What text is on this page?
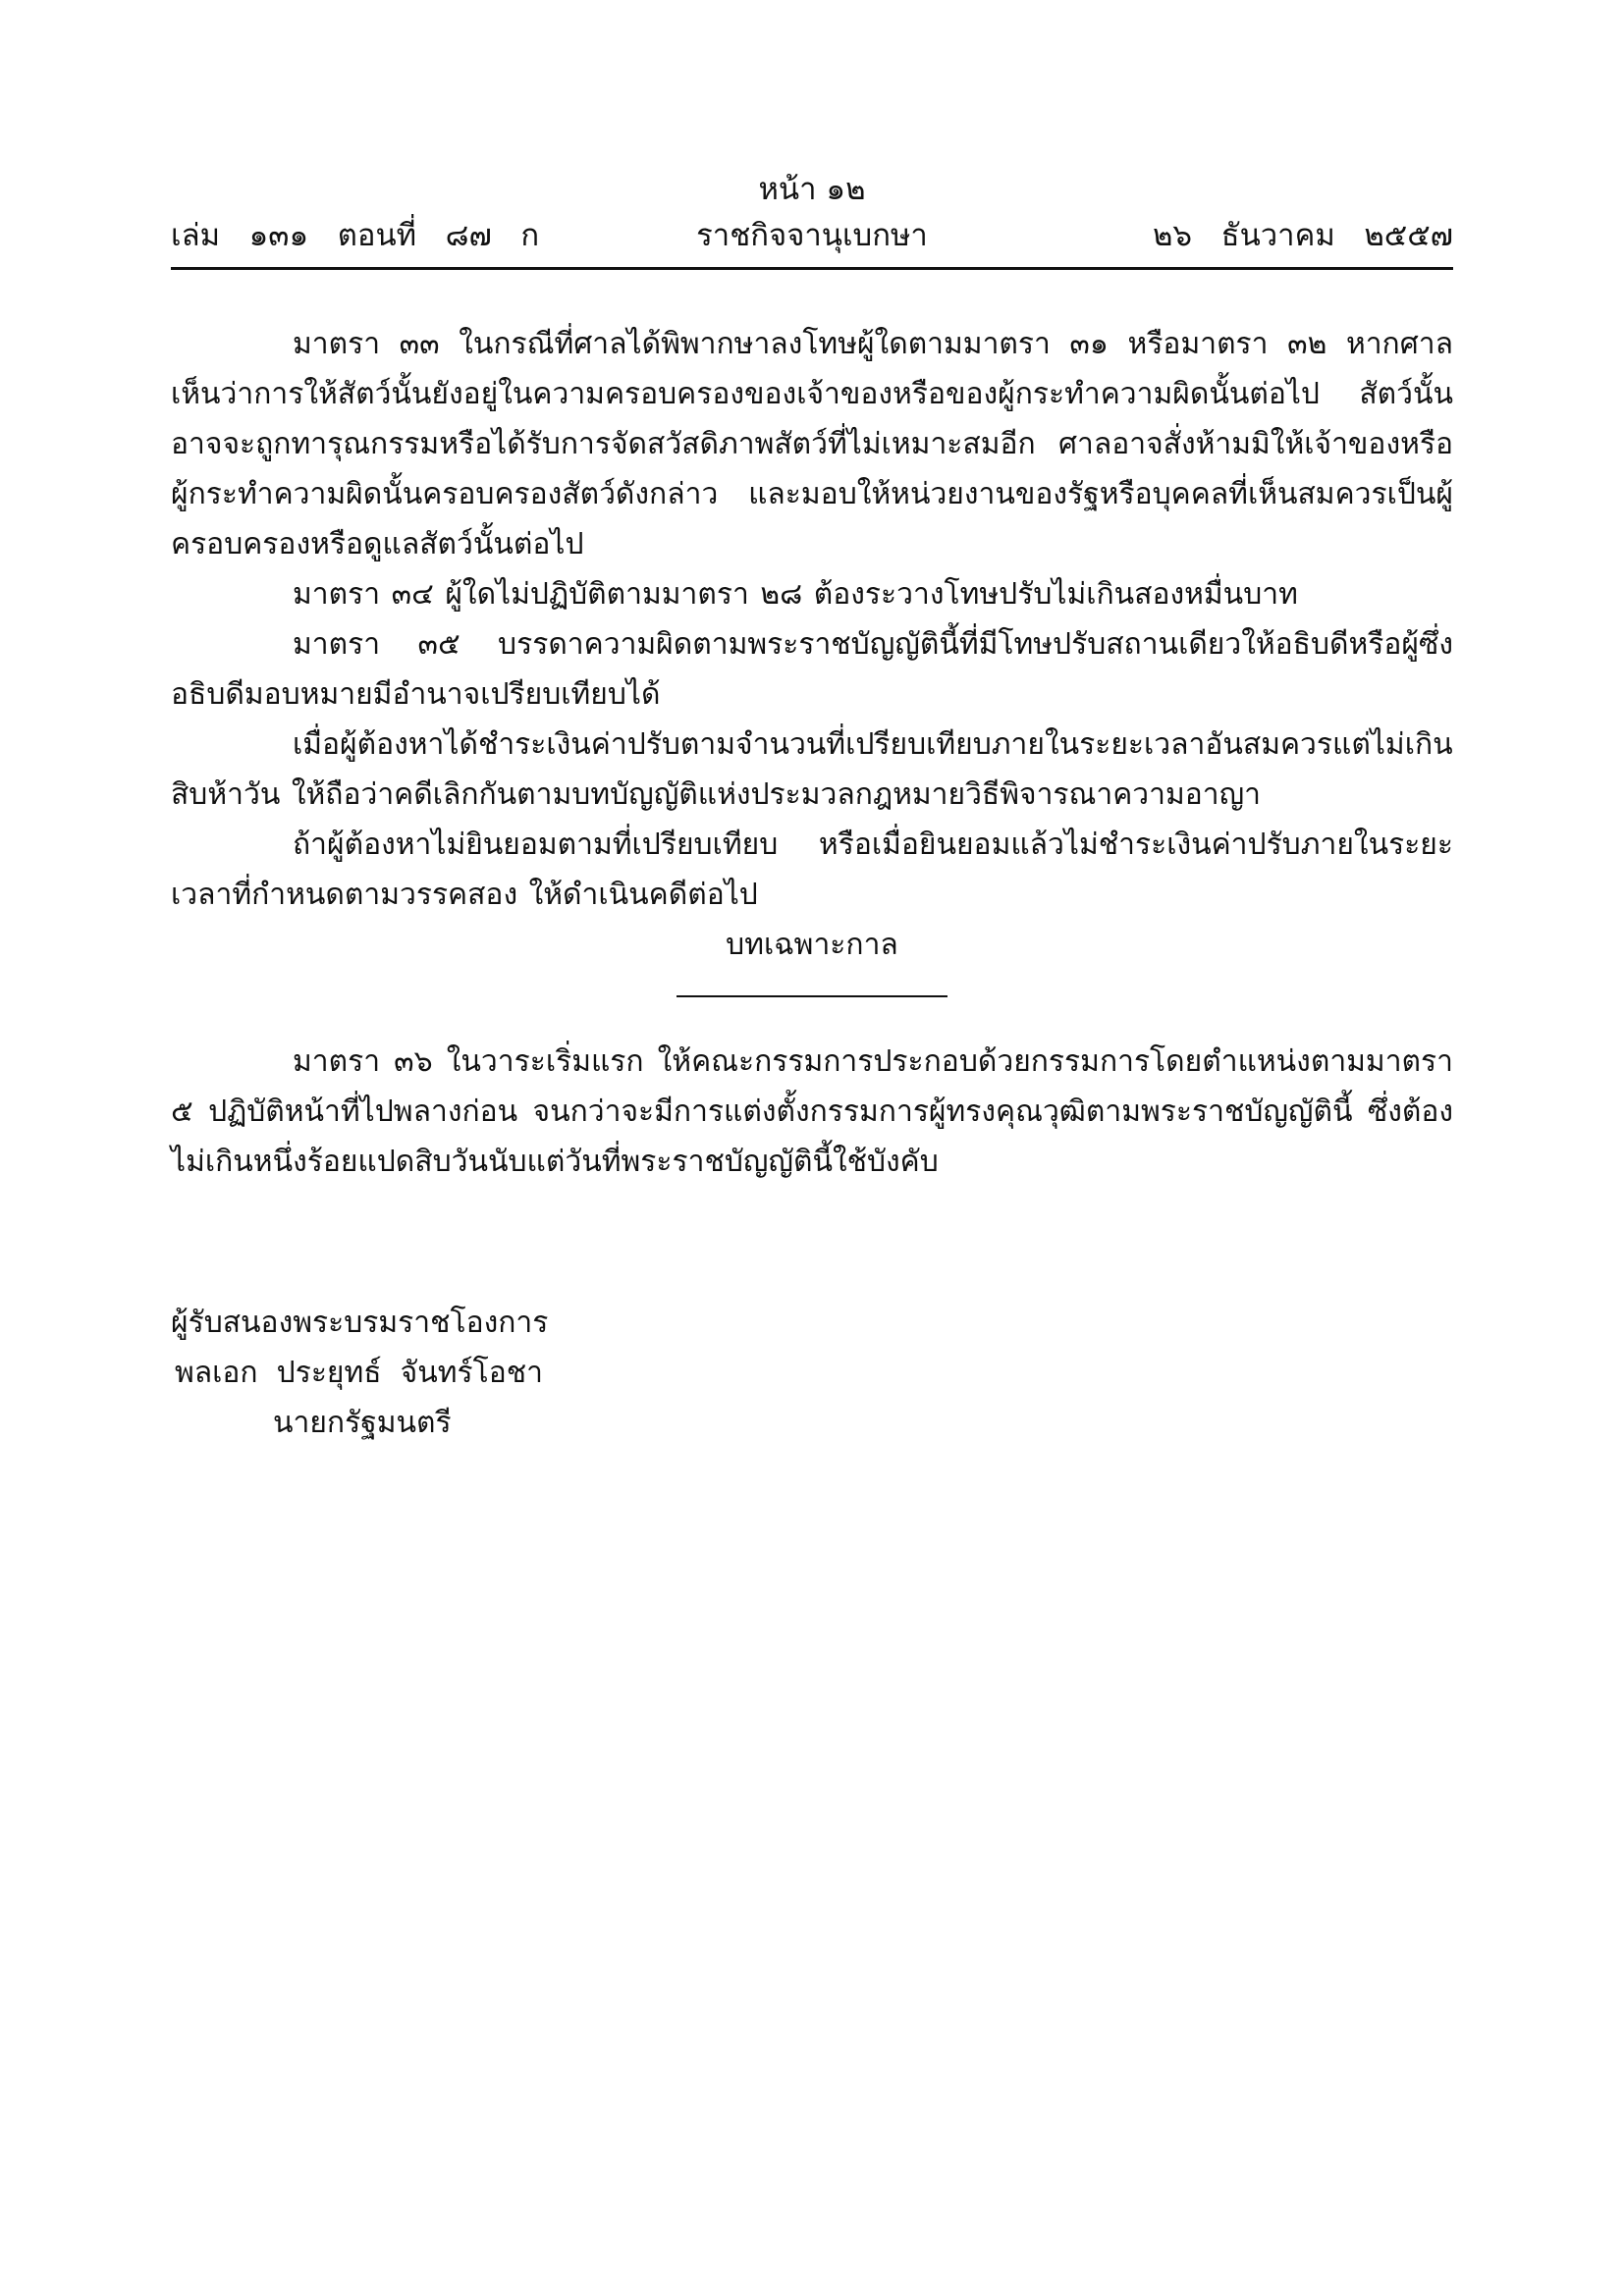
หน้า ๑๒
ราชกิจจานุเบกษา
เล่ม   ๑๓๑   ตอนที่   ๘๗   ก	๒๖   ธันวาคม   ๒๕๕๗

มาตรา ๓๓ ในกรณีที่ศาลได้พิพากษาลงโทษผู้ใดตามมาตรา ๓๑ หรือมาตรา ๓๒ หากศาลเห็นว่าการให้สัตว์นั้นยังอยู่ในความครอบครองของเจ้าของหรือของผู้กระทำความผิดนั้นต่อไป สัตว์นั้นอาจจะถูกทารุณกรรมหรือได้รับการจัดสวัสดิภาพสัตว์ที่ไม่เหมาะสมอีก ศาลอาจสั่งห้ามมิให้เจ้าของหรือผู้กระทำความผิดนั้นครอบครองสัตว์ดังกล่าว และมอบให้หน่วยงานของรัฐหรือบุคคลที่เห็นสมควรเป็นผู้ครอบครองหรือดูแลสัตว์นั้นต่อไป

มาตรา ๓๔ ผู้ใดไม่ปฏิบัติตามมาตรา ๒๘ ต้องระวางโทษปรับไม่เกินสองหมื่นบาท

มาตรา ๓๕ บรรดาความผิดตามพระราชบัญญัตินี้ที่มีโทษปรับสถานเดียวให้อธิบดีหรือผู้ซึ่งอธิบดีมอบหมายมีอำนาจเปรียบเทียบได้

เมื่อผู้ต้องหาได้ชำระเงินค่าปรับตามจำนวนที่เปรียบเทียบภายในระยะเวลาอันสมควรแต่ไม่เกินสิบห้าวัน ให้ถือว่าคดีเลิกกันตามบทบัญญัติแห่งประมวลกฎหมายวิธีพิจารณาความอาญา

ถ้าผู้ต้องหาไม่ยินยอมตามที่เปรียบเทียบ หรือเมื่อยินยอมแล้วไม่ชำระเงินค่าปรับภายในระยะเวลาที่กำหนดตามวรรคสอง ให้ดำเนินคดีต่อไป

บทเฉพาะกาล

มาตรา ๓๖ ในวาระเริ่มแรก ให้คณะกรรมการประกอบด้วยกรรมการโดยตำแหน่งตามมาตรา ๕ ปฏิบัติหน้าที่ไปพลางก่อน จนกว่าจะมีการแต่งตั้งกรรมการผู้ทรงคุณวุฒิตามพระราชบัญญัตินี้ ซึ่งต้องไม่เกินหนึ่งร้อยแปดสิบวันนับแต่วันที่พระราชบัญญัตินี้ใช้บังคับ

ผู้รับสนองพระบรมราชโองการ

พลเอก  ประยุทธ์  จันทร์โอชา

นายกรัฐมนตรี
